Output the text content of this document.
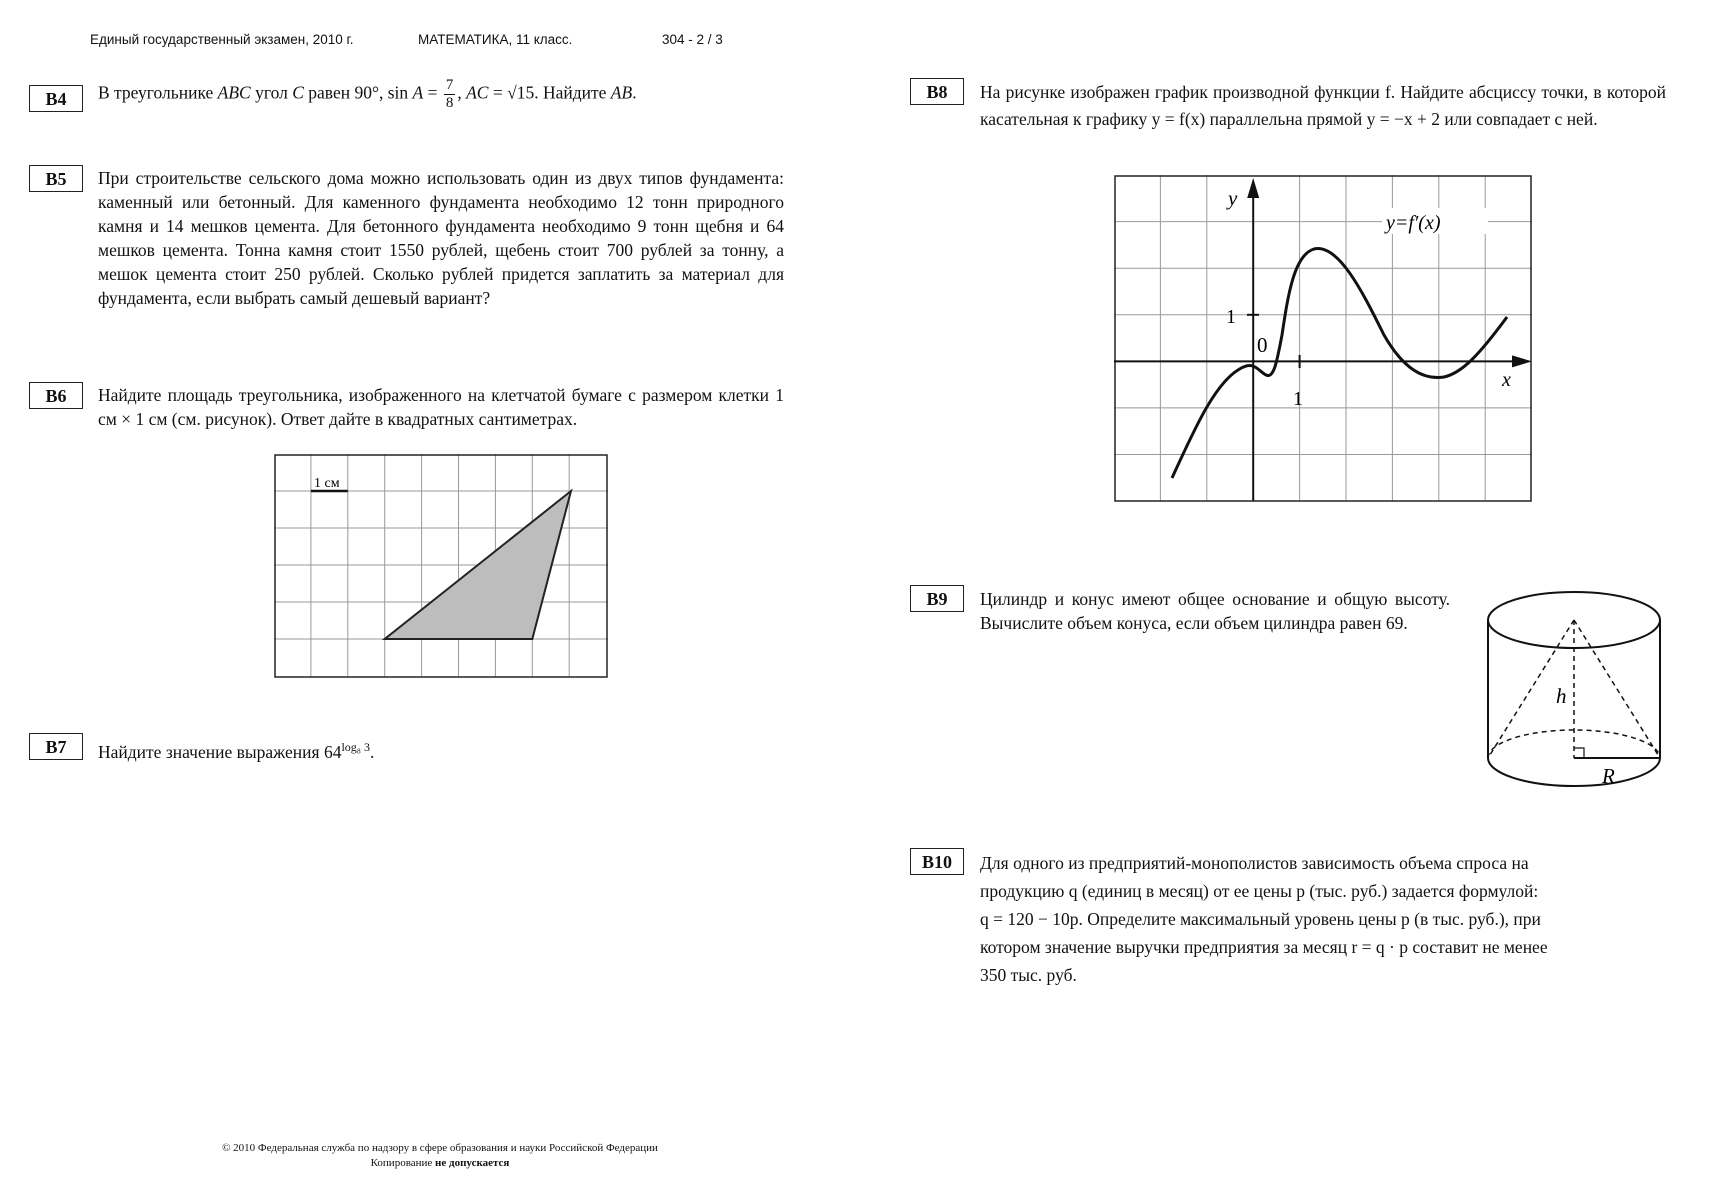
Единый государственный экзамен, 2010 г.	МАТЕМАТИКА, 11 класс.	304 - 2 / 3
B4	В треугольнике ABC угол C равен 90°, $\sin A = \frac{7}{8}$ , AC = √15. Найдите AB.
B5	При строительстве сельского дома можно использовать один из двух типов фундамента: каменный или бетонный. Для каменного фундамента необходимо 12 тонн природного камня и 14 мешков цемента. Для бетонного фундамента необходимо 9 тонн щебня и 64 мешков цемента. Тонна камня стоит 1550 рублей, щебень стоит 700 рублей за тонну, а мешок цемента стоит 250 рублей. Сколько рублей придется заплатить за материал для фундамента, если выбрать самый дешевый вариант?
B6	Найдите площадь треугольника, изображенного на клетчатой бумаге с размером клетки 1 см × 1 см (см. рисунок). Ответ дайте в квадратных сантиметрах.
1 см
B7	Найдите значение выражения $64^{log_8 3}$.
B8	На рисунке изображен график производной функции f. Найдите абсциссу точки, в которой касательная к графику y = f(x) параллельна прямой y = −x + 2 или совпадает с ней.
y=f′(x)
y
x
1
1
0
B9	Цилиндр и конус имеют общее основание и общую высоту. Вычислите объем конуса, если объем цилиндра равен 69.
h
R
B10	Для одного из предприятий-монополистов зависимость объема спроса на
продукцию q (единиц в месяц) от ее цены p (тыс. руб.) задается формулой:
q = 120 − 10p. Определите максимальный уровень цены p (в тыс. руб.), при
котором значение выручки предприятия за месяц r = q · p составит не менее
350 тыс. руб.
© 2010 Федеральная служба по надзору в сфере образования и науки Российской Федерации
Копирование не допускается
